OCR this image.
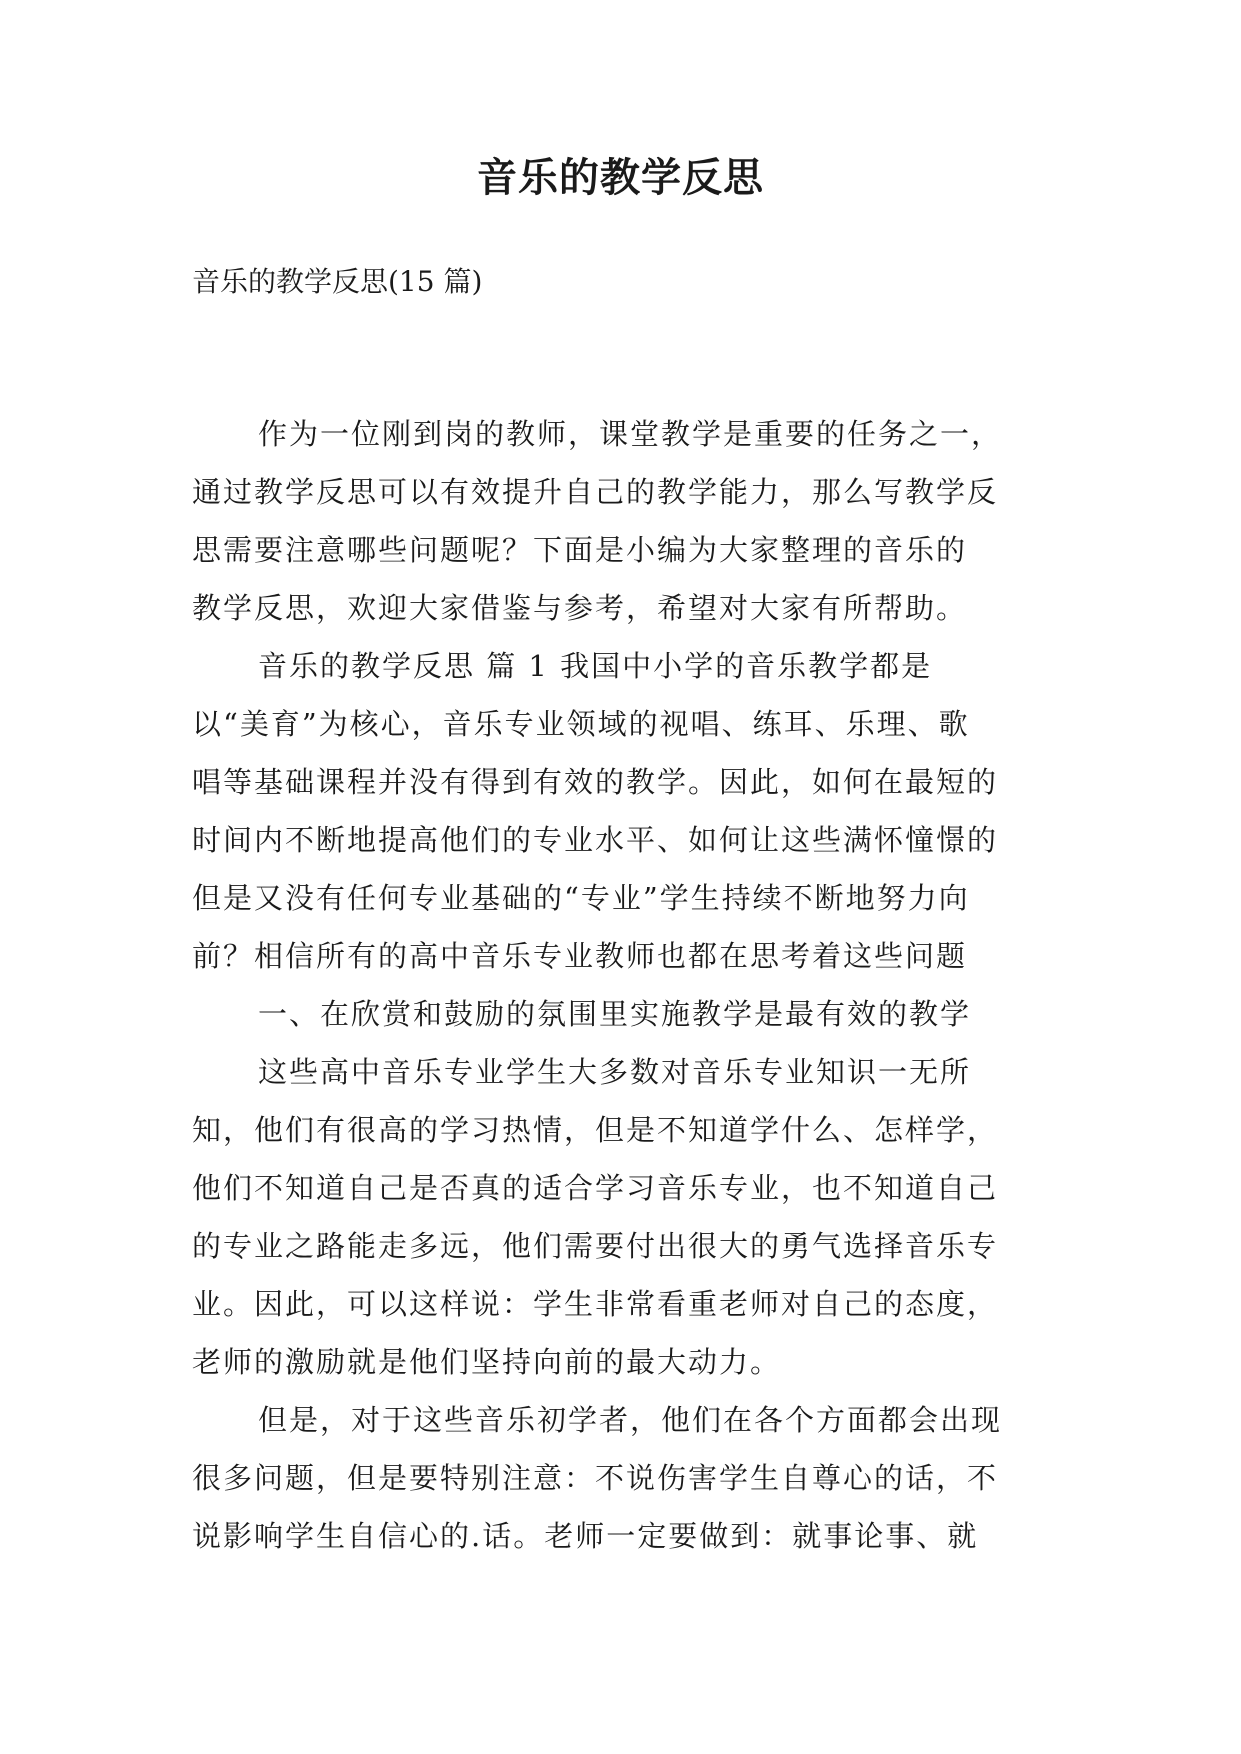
音乐的教学反思

音乐的教学反思(15 篇)

作为一位刚到岗的教师，课堂教学是重要的任务之一，

通过教学反思可以有效提升自己的教学能力，那么写教学反

思需要注意哪些问题呢？下面是小编为大家整理的音乐的

教学反思，欢迎大家借鉴与参考，希望对大家有所帮助。

音乐的教学反思 篇 1 我国中小学的音乐教学都是

以“美育”为核心，音乐专业领域的视唱、练耳、乐理、歌

唱等基础课程并没有得到有效的教学。因此，如何在最短的

时间内不断地提高他们的专业水平、如何让这些满怀憧憬的

但是又没有任何专业基础的“专业”学生持续不断地努力向

前？相信所有的高中音乐专业教师也都在思考着这些问题

一、在欣赏和鼓励的氛围里实施教学是最有效的教学

这些高中音乐专业学生大多数对音乐专业知识一无所

知，他们有很高的学习热情，但是不知道学什么、怎样学，

他们不知道自己是否真的适合学习音乐专业，也不知道自己

的专业之路能走多远，他们需要付出很大的勇气选择音乐专

业。因此，可以这样说：学生非常看重老师对自己的态度，

老师的激励就是他们坚持向前的最大动力。

但是，对于这些音乐初学者，他们在各个方面都会出现

很多问题，但是要特别注意：不说伤害学生自尊心的话，不

说影响学生自信心的.话。老师一定要做到：就事论事、就
